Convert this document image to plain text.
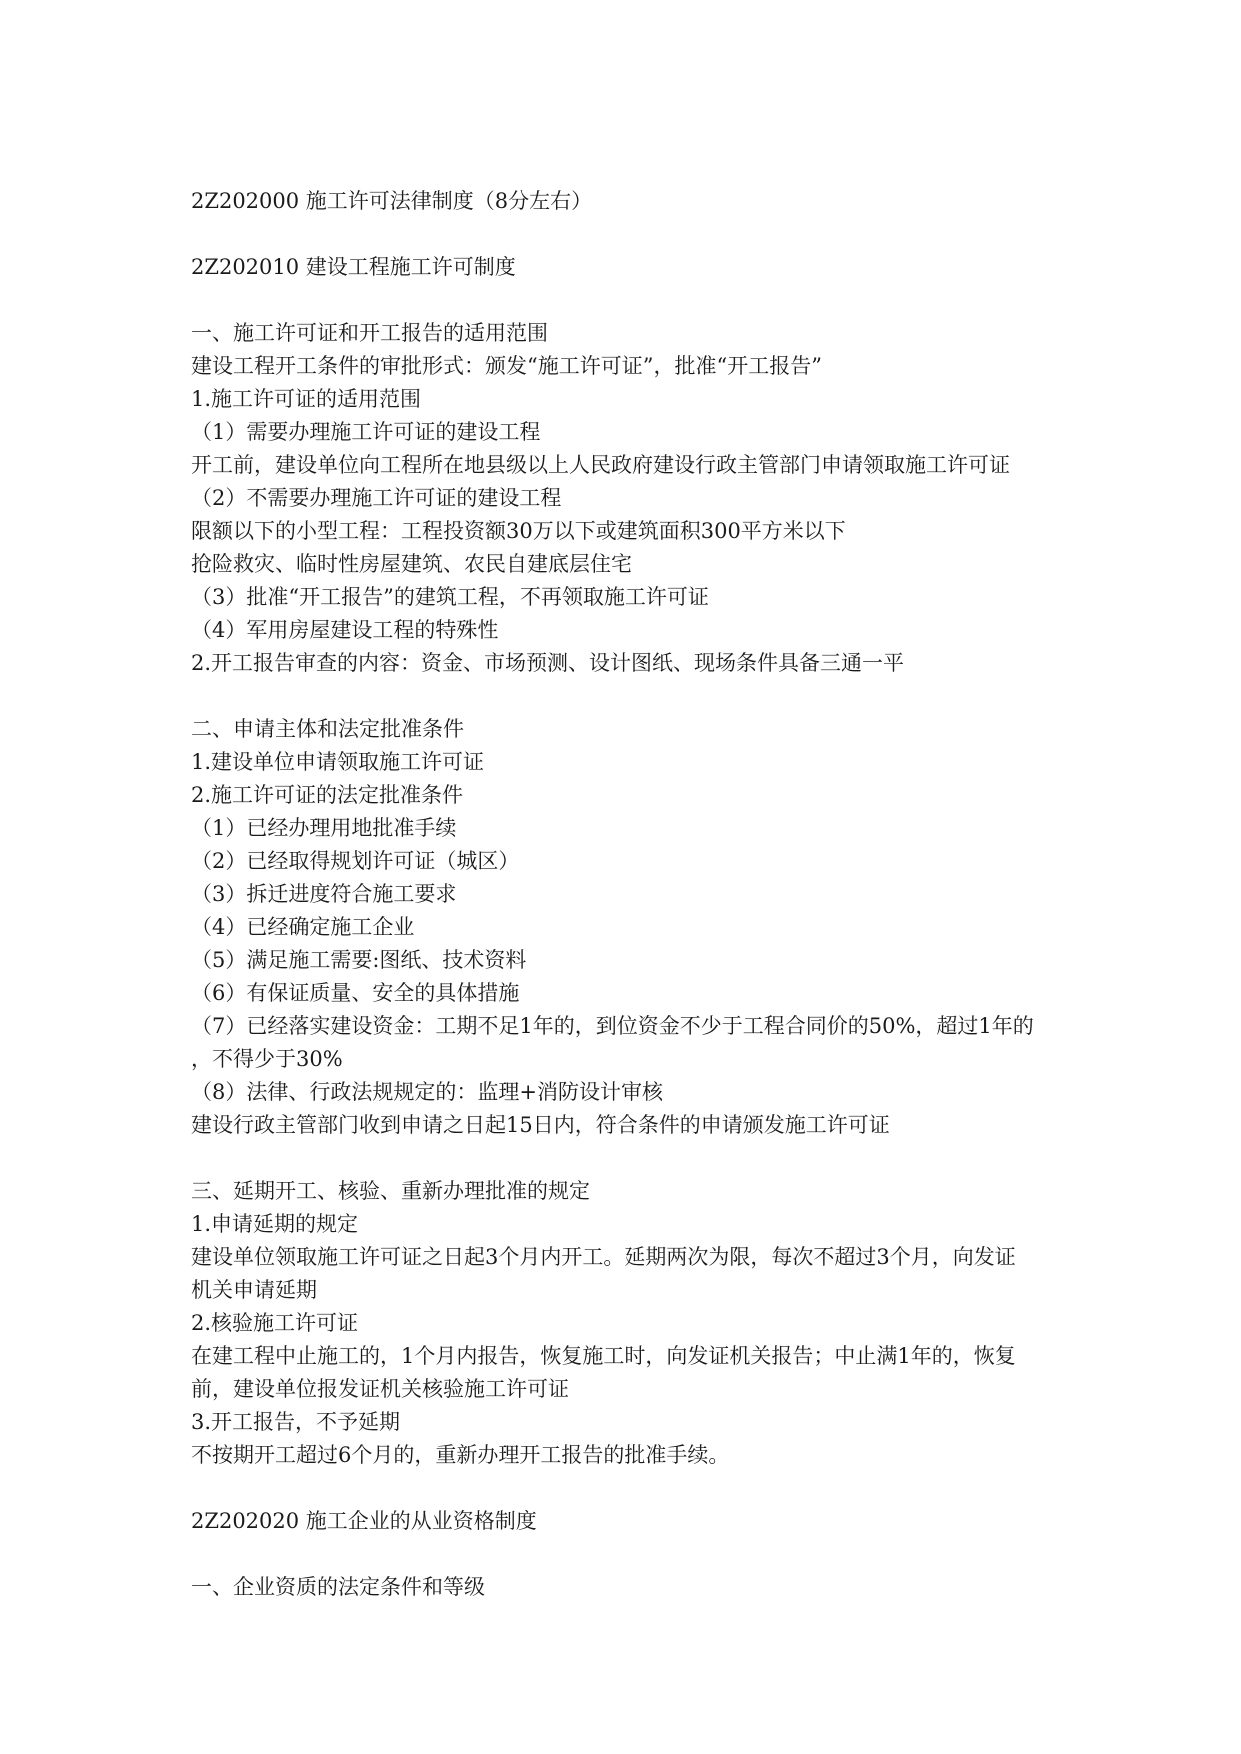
2Z202000 施工许可法律制度（8分左右）
2Z202010 建设工程施工许可制度
一、施工许可证和开工报告的适用范围
建设工程开工条件的审批形式：颁发“施工许可证”，批准“开工报告”
1.施工许可证的适用范围
（1）需要办理施工许可证的建设工程
开工前，建设单位向工程所在地县级以上人民政府建设行政主管部门申请领取施工许可证
（2）不需要办理施工许可证的建设工程
限额以下的小型工程：工程投资额30万以下或建筑面积300平方米以下
抢险救灾、临时性房屋建筑、农民自建底层住宅
（3）批准“开工报告”的建筑工程，不再领取施工许可证
（4）军用房屋建设工程的特殊性
2.开工报告审查的内容：资金、市场预测、设计图纸、现场条件具备三通一平
二、申请主体和法定批准条件
1.建设单位申请领取施工许可证
2.施工许可证的法定批准条件
（1）已经办理用地批准手续
（2）已经取得规划许可证（城区）
（3）拆迁进度符合施工要求
（4）已经确定施工企业
（5）满足施工需要:图纸、技术资料
（6）有保证质量、安全的具体措施
（7）已经落实建设资金：工期不足1年的，到位资金不少于工程合同价的50%，超过1年的
，不得少于30%
（8）法律、行政法规规定的：监理+消防设计审核
建设行政主管部门收到申请之日起15日内，符合条件的申请颁发施工许可证
三、延期开工、核验、重新办理批准的规定
1.申请延期的规定
建设单位领取施工许可证之日起3个月内开工。延期两次为限，每次不超过3个月，向发证
机关申请延期
2.核验施工许可证
在建工程中止施工的，1个月内报告，恢复施工时，向发证机关报告；中止满1年的，恢复
前，建设单位报发证机关核验施工许可证
3.开工报告，不予延期
不按期开工超过6个月的，重新办理开工报告的批准手续。
2Z202020 施工企业的从业资格制度
一、企业资质的法定条件和等级
